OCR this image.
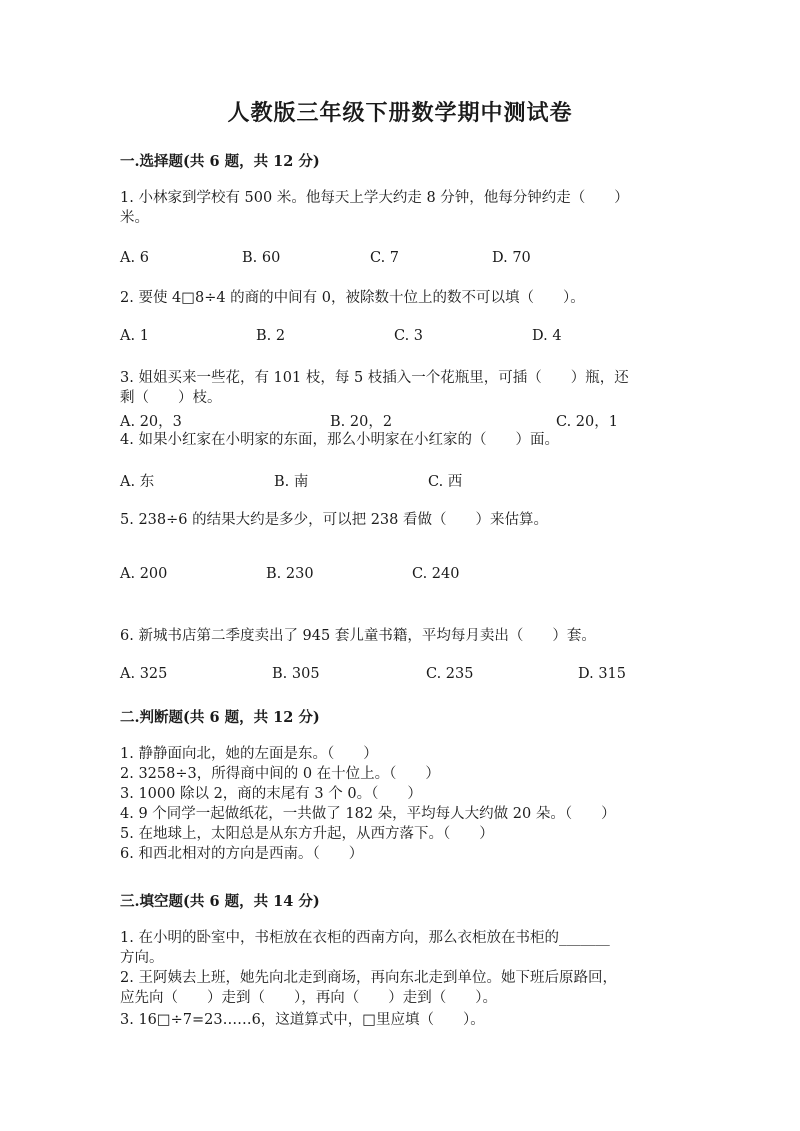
人教版三年级下册数学期中测试卷
一.选择题(共 6 题，共 12 分)
1. 小林家到学校有 500 米。他每天上学大约走 8 分钟，他每分钟约走（　　）
米。
A. 6	B. 60	C. 7	D. 70
2. 要使 4□8÷4 的商的中间有 0，被除数十位上的数不可以填（　　）。
A. 1	B. 2	C. 3	D. 4
3. 姐姐买来一些花，有 101 枝，每 5 枝插入一个花瓶里，可插（　　）瓶，还
剩（　　）枝。
A. 20，3	B. 20，2	C. 20，1
4. 如果小红家在小明家的东面，那么小明家在小红家的（　　）面。
A. 东	B. 南	C. 西
5. 238÷6 的结果大约是多少，可以把 238 看做（　　）来估算。
A. 200	B. 230	C. 240
6. 新城书店第二季度卖出了 945 套儿童书籍，平均每月卖出（　　）套。
A. 325	B. 305	C. 235	D. 315
二.判断题(共 6 题，共 12 分)
1. 静静面向北，她的左面是东。（　　）
2. 3258÷3，所得商中间的 0 在十位上。（　　）
3. 1000 除以 2，商的末尾有 3 个 0。（　　）
4. 9 个同学一起做纸花，一共做了 182 朵，平均每人大约做 20 朵。（　　）
5. 在地球上，太阳总是从东方升起，从西方落下。（　　）
6. 和西北相对的方向是西南。（　　）
三.填空题(共 6 题，共 14 分)
1. 在小明的卧室中，书柜放在衣柜的西南方向，那么衣柜放在书柜的_______
方向。
2. 王阿姨去上班，她先向北走到商场，再向东北走到单位。她下班后原路回，
应先向（　　）走到（　　），再向（　　）走到（　　）。
3. 16□÷7=23……6，这道算式中，□里应填（　　）。
